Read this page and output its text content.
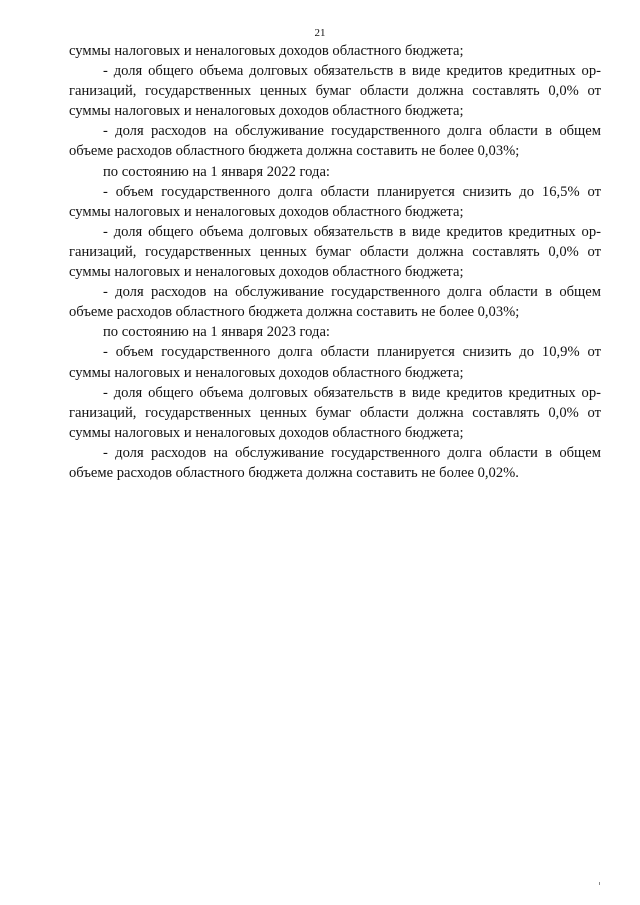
21

суммы налоговых и неналоговых доходов областного бюджета;

- доля общего объема долговых обязательств в виде кредитов кредитных организаций, государственных ценных бумаг области должна составлять 0,0% от суммы налоговых и неналоговых доходов областного бюджета;

- доля расходов на обслуживание государственного долга области в общем объеме расходов областного бюджета должна составить не более 0,03%;

по состоянию на 1 января 2022 года:

- объем государственного долга области планируется снизить до 16,5% от суммы налоговых и неналоговых доходов областного бюджета;

- доля общего объема долговых обязательств в виде кредитов кредитных организаций, государственных ценных бумаг области должна составлять 0,0% от суммы налоговых и неналоговых доходов областного бюджета;

- доля расходов на обслуживание государственного долга области в общем объеме расходов областного бюджета должна составить не более 0,03%;

по состоянию на 1 января 2023 года:

- объем государственного долга области планируется снизить до 10,9% от суммы налоговых и неналоговых доходов областного бюджета;

- доля общего объема долговых обязательств в виде кредитов кредитных организаций, государственных ценных бумаг области должна составлять 0,0% от суммы налоговых и неналоговых доходов областного бюджета;

- доля расходов на обслуживание государственного долга области в общем объеме расходов областного бюджета должна составить не более 0,02%.
